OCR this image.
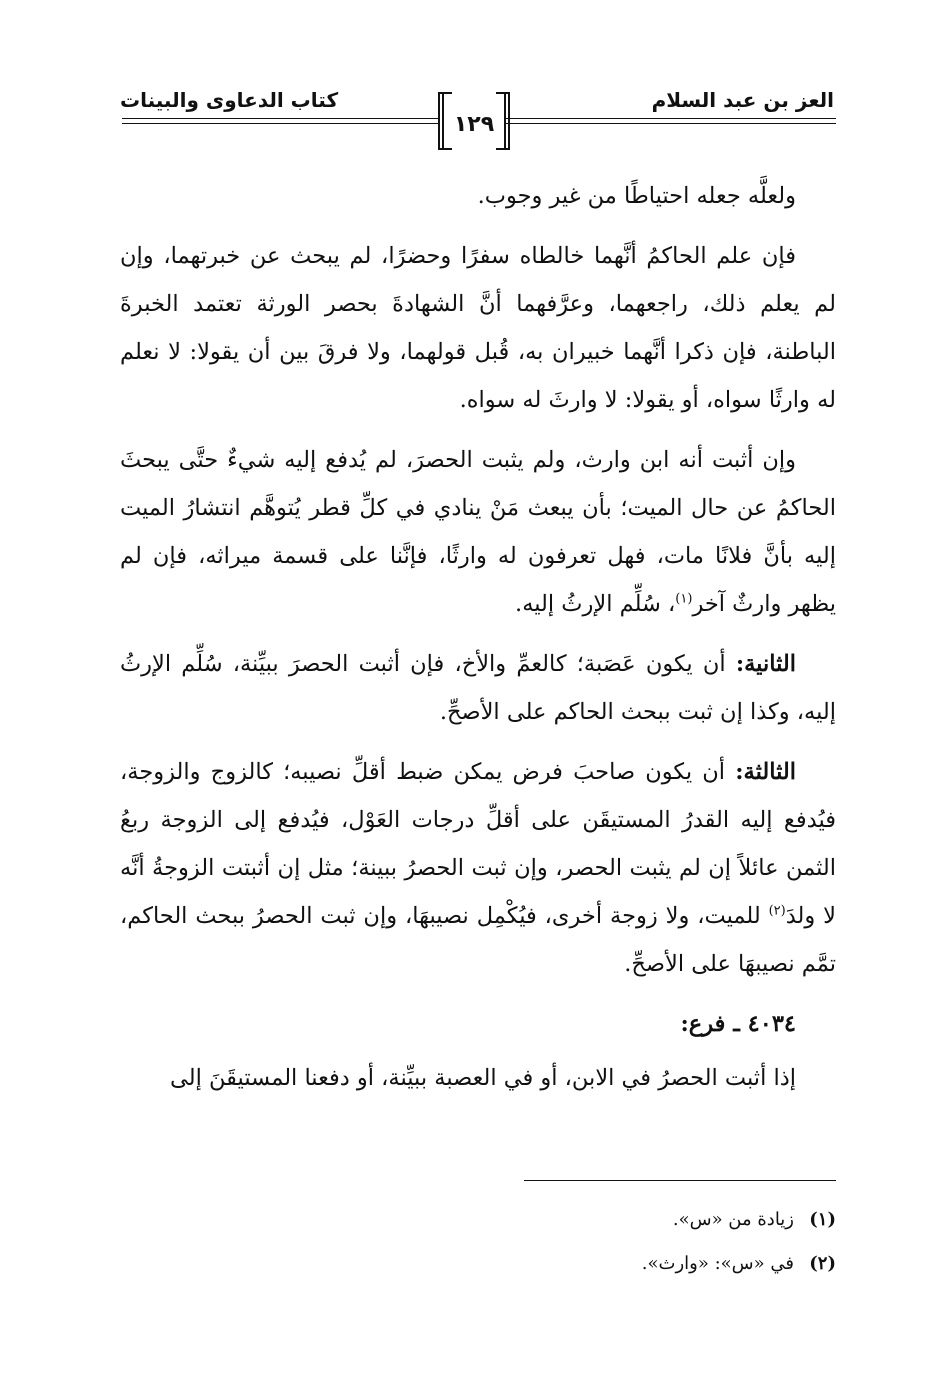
العز بن عبد السلام
كتاب الدعاوى والبينات
١٢٩

ولعلَّه جعله احتياطًا من غير وجوب.

فإن علم الحاكمُ أنَّهما خالطاه سفرًا وحضرًا، لم يبحث عن خبرتهما، وإن لم يعلم ذلك، راجعهما، وعرَّفهما أنَّ الشهادةَ بحصر الورثة تعتمد الخبرةَ الباطنة، فإن ذكرا أنَّهما خبيران به، قُبل قولهما، ولا فرقَ بين أن يقولا: لا نعلم له وارثًا سواه، أو يقولا: لا وارثَ له سواه.

وإن أثبت أنه ابن وارث، ولم يثبت الحصرَ، لم يُدفع إليه شيءٌ حتَّى يبحثَ الحاكمُ عن حال الميت؛ بأن يبعث مَنْ ينادي في كلِّ قطر يُتوهَّم انتشارُ الميت إليه بأنَّ فلانًا مات، فهل تعرفون له وارثًا، فإنَّنا على قسمة ميراثه، فإن لم يظهر وارثٌ آخر$^{(١)}$، سُلِّم الإرثُ إليه.

الثانية: أن يكون عَصَبة؛ كالعمِّ والأخ، فإن أثبت الحصرَ ببيِّنة، سُلِّم الإرثُ إليه، وكذا إن ثبت ببحث الحاكم على الأصحِّ.

الثالثة: أن يكون صاحبَ فرض يمكن ضبط أقلِّ نصيبه؛ كالزوج والزوجة، فيُدفع إليه القدرُ المستيقَن على أقلِّ درجات العَوْل، فيُدفع إلى الزوجة ربعُ الثمن عائلاً إن لم يثبت الحصر، وإن ثبت الحصرُ ببينة؛ مثل إن أثبتت الزوجةُ أنَّه لا ولدَ$^{(٢)}$ للميت، ولا زوجة أخرى، فيُكْمِل نصيبهَا، وإن ثبت الحصرُ ببحث الحاكم، تمَّم نصيبهَا على الأصحِّ.

٤٠٣٤ ـ فرع:

إذا أثبت الحصرُ في الابن، أو في العصبة ببيِّنة، أو دفعنا المستيقَنَ إلى

(١)زيادة من «س».

(٢)في «س»: «وارث».
